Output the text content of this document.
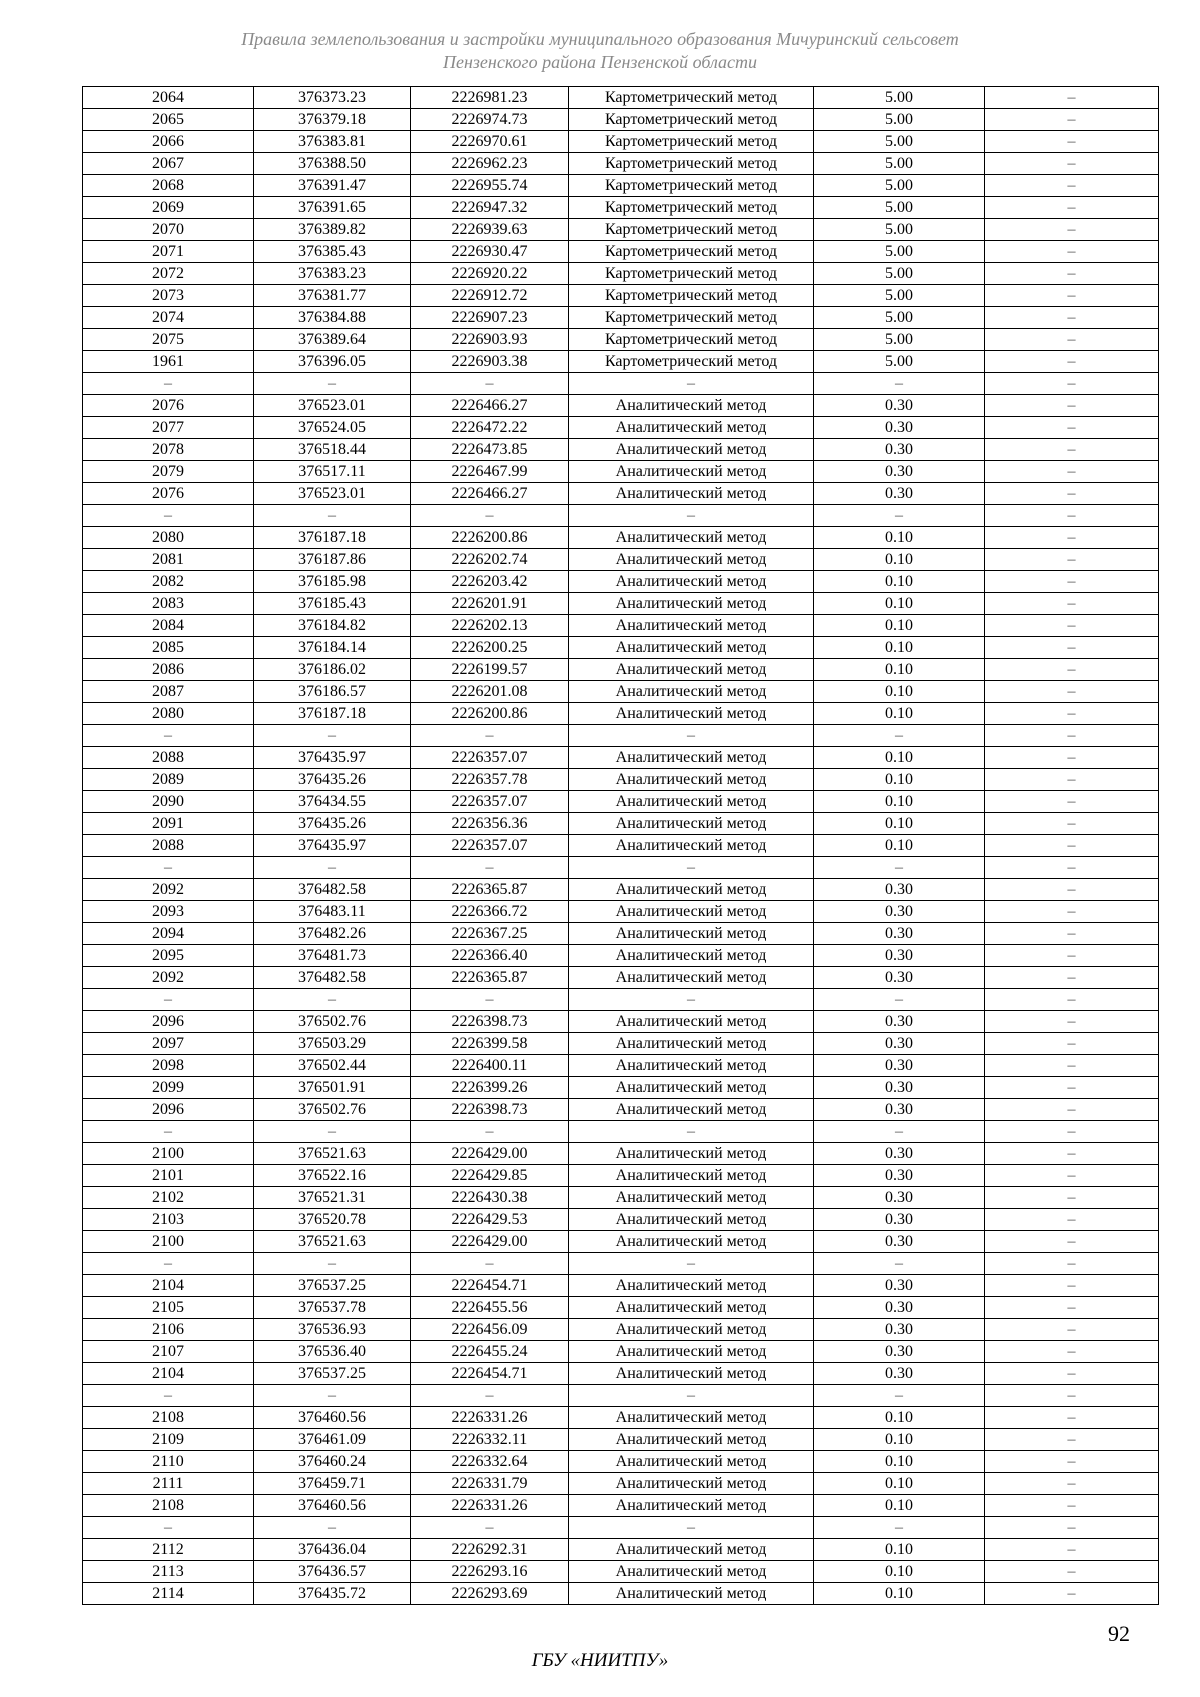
Правила землепользования и застройки муниципального образования Мичуринский сельсовет
Пензенского района Пензенской области
2064	376373.23	2226981.23	Картометрический метод	5.00	–
2065	376379.18	2226974.73	Картометрический метод	5.00	–
2066	376383.81	2226970.61	Картометрический метод	5.00	–
2067	376388.50	2226962.23	Картометрический метод	5.00	–
2068	376391.47	2226955.74	Картометрический метод	5.00	–
2069	376391.65	2226947.32	Картометрический метод	5.00	–
2070	376389.82	2226939.63	Картометрический метод	5.00	–
2071	376385.43	2226930.47	Картометрический метод	5.00	–
2072	376383.23	2226920.22	Картометрический метод	5.00	–
2073	376381.77	2226912.72	Картометрический метод	5.00	–
2074	376384.88	2226907.23	Картометрический метод	5.00	–
2075	376389.64	2226903.93	Картометрический метод	5.00	–
1961	376396.05	2226903.38	Картометрический метод	5.00	–
–	–	–	–	–	–
2076	376523.01	2226466.27	Аналитический метод	0.30	–
2077	376524.05	2226472.22	Аналитический метод	0.30	–
2078	376518.44	2226473.85	Аналитический метод	0.30	–
2079	376517.11	2226467.99	Аналитический метод	0.30	–
2076	376523.01	2226466.27	Аналитический метод	0.30	–
–	–	–	–	–	–
2080	376187.18	2226200.86	Аналитический метод	0.10	–
2081	376187.86	2226202.74	Аналитический метод	0.10	–
2082	376185.98	2226203.42	Аналитический метод	0.10	–
2083	376185.43	2226201.91	Аналитический метод	0.10	–
2084	376184.82	2226202.13	Аналитический метод	0.10	–
2085	376184.14	2226200.25	Аналитический метод	0.10	–
2086	376186.02	2226199.57	Аналитический метод	0.10	–
2087	376186.57	2226201.08	Аналитический метод	0.10	–
2080	376187.18	2226200.86	Аналитический метод	0.10	–
–	–	–	–	–	–
2088	376435.97	2226357.07	Аналитический метод	0.10	–
2089	376435.26	2226357.78	Аналитический метод	0.10	–
2090	376434.55	2226357.07	Аналитический метод	0.10	–
2091	376435.26	2226356.36	Аналитический метод	0.10	–
2088	376435.97	2226357.07	Аналитический метод	0.10	–
–	–	–	–	–	–
2092	376482.58	2226365.87	Аналитический метод	0.30	–
2093	376483.11	2226366.72	Аналитический метод	0.30	–
2094	376482.26	2226367.25	Аналитический метод	0.30	–
2095	376481.73	2226366.40	Аналитический метод	0.30	–
2092	376482.58	2226365.87	Аналитический метод	0.30	–
–	–	–	–	–	–
2096	376502.76	2226398.73	Аналитический метод	0.30	–
2097	376503.29	2226399.58	Аналитический метод	0.30	–
2098	376502.44	2226400.11	Аналитический метод	0.30	–
2099	376501.91	2226399.26	Аналитический метод	0.30	–
2096	376502.76	2226398.73	Аналитический метод	0.30	–
–	–	–	–	–	–
2100	376521.63	2226429.00	Аналитический метод	0.30	–
2101	376522.16	2226429.85	Аналитический метод	0.30	–
2102	376521.31	2226430.38	Аналитический метод	0.30	–
2103	376520.78	2226429.53	Аналитический метод	0.30	–
2100	376521.63	2226429.00	Аналитический метод	0.30	–
–	–	–	–	–	–
2104	376537.25	2226454.71	Аналитический метод	0.30	–
2105	376537.78	2226455.56	Аналитический метод	0.30	–
2106	376536.93	2226456.09	Аналитический метод	0.30	–
2107	376536.40	2226455.24	Аналитический метод	0.30	–
2104	376537.25	2226454.71	Аналитический метод	0.30	–
–	–	–	–	–	–
2108	376460.56	2226331.26	Аналитический метод	0.10	–
2109	376461.09	2226332.11	Аналитический метод	0.10	–
2110	376460.24	2226332.64	Аналитический метод	0.10	–
2111	376459.71	2226331.79	Аналитический метод	0.10	–
2108	376460.56	2226331.26	Аналитический метод	0.10	–
–	–	–	–	–	–
2112	376436.04	2226292.31	Аналитический метод	0.10	–
2113	376436.57	2226293.16	Аналитический метод	0.10	–
2114	376435.72	2226293.69	Аналитический метод	0.10	–
92
ГБУ «НИИТПУ»
